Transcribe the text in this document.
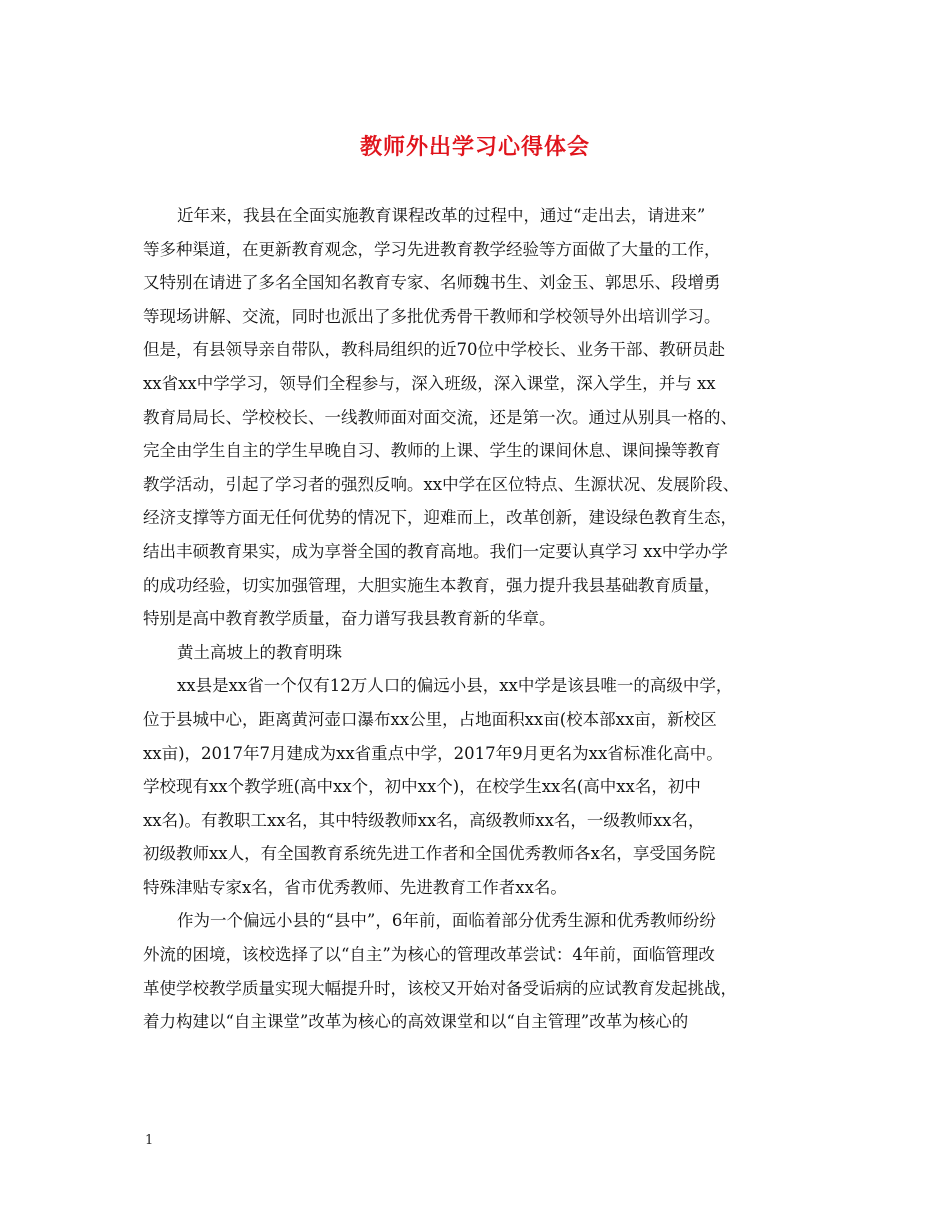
教师外出学习心得体会
近年来，我县在全面实施教育课程改革的过程中，通过“走出去，请进来”
等多种渠道，在更新教育观念，学习先进教育教学经验等方面做了大量的工作，
又特别在请进了多名全国知名教育专家、名师魏书生、刘金玉、郭思乐、段增勇
等现场讲解、交流，同时也派出了多批优秀骨干教师和学校领导外出培训学习。
但是，有县领导亲自带队，教科局组织的近70位中学校长、业务干部、教研员赴
xx省xx中学学习，领导们全程参与，深入班级，深入课堂，深入学生，并与 xx
教育局局长、学校校长、一线教师面对面交流，还是第一次。通过从别具一格的、
完全由学生自主的学生早晚自习、教师的上课、学生的课间休息、课间操等教育
教学活动，引起了学习者的强烈反响。xx中学在区位特点、生源状况、发展阶段、
经济支撑等方面无任何优势的情况下，迎难而上，改革创新，建设绿色教育生态，
结出丰硕教育果实，成为享誉全国的教育高地。我们一定要认真学习 xx中学办学
的成功经验，切实加强管理，大胆实施生本教育，强力提升我县基础教育质量，
特别是高中教育教学质量，奋力谱写我县教育新的华章。
黄土高坡上的教育明珠
xx县是xx省一个仅有12万人口的偏远小县，xx中学是该县唯一的高级中学，
位于县城中心，距离黄河壶口瀑布xx公里，占地面积xx亩(校本部xx亩，新校区
xx亩)，2017年7月建成为xx省重点中学，2017年9月更名为xx省标准化高中。
学校现有xx个教学班(高中xx个，初中xx个)，在校学生xx名(高中xx名，初中
xx名)。有教职工xx名，其中特级教师xx名，高级教师xx名，一级教师xx名，
初级教师xx人，有全国教育系统先进工作者和全国优秀教师各x名，享受国务院
特殊津贴专家x名，省市优秀教师、先进教育工作者xx名。
作为一个偏远小县的“县中”，6年前，面临着部分优秀生源和优秀教师纷纷
外流的困境，该校选择了以“自主”为核心的管理改革尝试：4年前，面临管理改
革使学校教学质量实现大幅提升时，该校又开始对备受诟病的应试教育发起挑战，
着力构建以“自主课堂”改革为核心的高效课堂和以“自主管理”改革为核心的
1
